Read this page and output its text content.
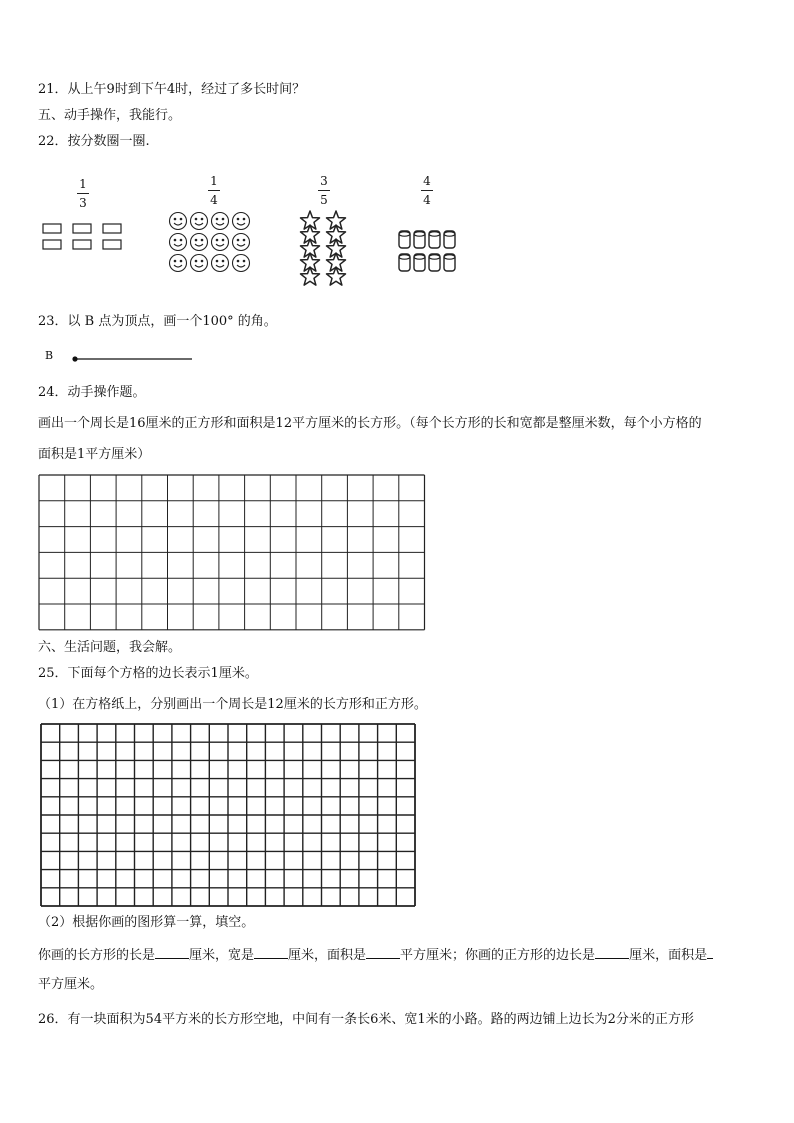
21．从上午9时到下午4时，经过了多长时间？
五、动手操作，我能行。
22．按分数圈一圈.
1
3
1
4
3
5
4
4
23．以 B 点为顶点，画一个100° 的角。
B
24．动手操作题。
画出一个周长是16厘米的正方形和面积是12平方厘米的长方形。（每个长方形的长和宽都是整厘米数，每个小方格的
面积是1平方厘米）
六、生活问题，我会解。
25．下面每个方格的边长表示1厘米。
（1）在方格纸上，分别画出一个周长是12厘米的长方形和正方形。
（2）根据你画的图形算一算，填空。
你画的长方形的长是	厘米，宽是	厘米，面积是	平方厘米；你画的正方形的边长是	厘米，面积是
平方厘米。
26．有一块面积为54平方米的长方形空地，中间有一条长6米、宽1米的小路。路的两边铺上边长为2分米的正方形
